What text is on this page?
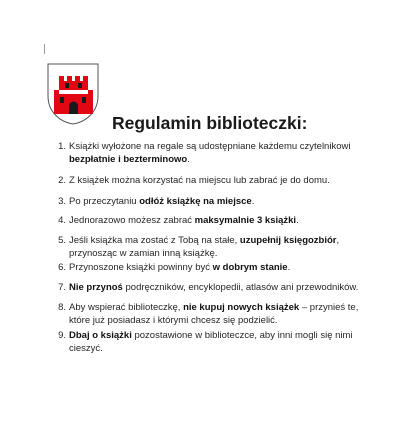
Regulamin biblioteczki:
1. Książki wyłożone na regale są udostępniane każdemu czytelnikowi bezpłatnie i bezterminowo.
2. Z książek można korzystać na miejscu lub zabrać je do domu.
3. Po przeczytaniu odłóż książkę na miejsce.
4. Jednorazowo możesz zabrać maksymalnie 3 książki.
5. Jeśli książka ma zostać z Tobą na stałe, uzupełnij księgozbiór, przynosząc w zamian inną książkę.
6. Przynoszone książki powinny być w dobrym stanie.
7. Nie przynoś podręczników, encyklopedii, atlasów ani przewodników.
8. Aby wspierać biblioteczkę, nie kupuj nowych książek – przynieś te, które już posiadasz i którymi chcesz się podzielić.
9. Dbaj o książki pozostawione w biblioteczce, aby inni mogli się nimi cieszyć.
